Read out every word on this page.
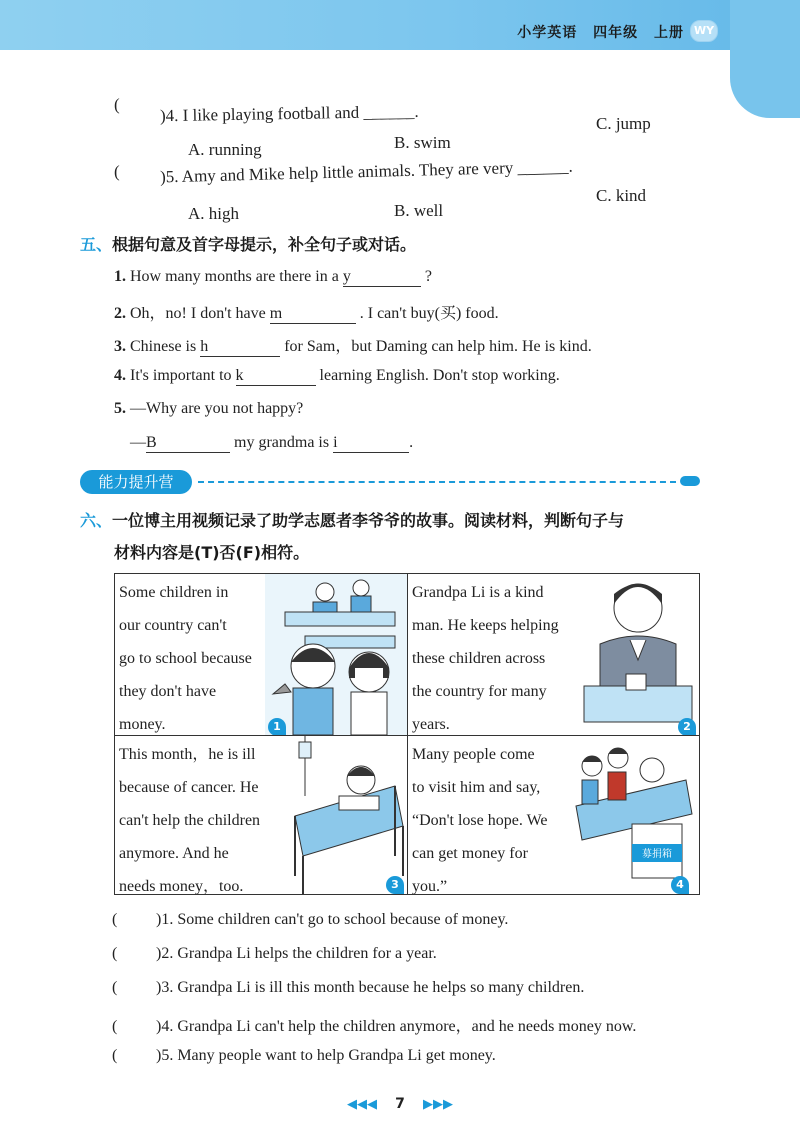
小学英语 四年级 上册 WY
( )4. I like playing football and ______.
A. running	B. swim
C. jump
( )5. Amy and Mike help little animals. They are very ______.
A. high	B. well
C. kind
五、根据句意及首字母提示，补全句子或对话。
1. How many months are there in a y	?
2. Oh，no! I don't have m	. I can't buy(买) food.
3. Chinese is h	for Sam，but Daming can help him. He is kind.
4. It's important to k	learning English. Don't stop working.
5. —Why are you not happy?
—B	my grandma is i	.
能力提升营
六、一位博主用视频记录了助学志愿者李爷爷的故事。阅读材料，判断句子与
材料内容是(T)否(F)相符。
Some children in
our country can't
go to school because
they don't have
money.	1
Grandpa Li is a kind
man. He keeps helping
these children across
the country for many
years.	2
This month，he is ill
because of cancer. He
can't help the children
anymore. And he
needs money，too.	3
Many people come
to visit him and say,
“Don't lose hope. We
can get money for
you.”
募捐箱
4
( )1. Some children can't go to school because of money.
( )2. Grandpa Li helps the children for a year.
( )3. Grandpa Li is ill this month because he helps so many children.
( )4. Grandpa Li can't help the children anymore，and he needs money now.
( )5. Many people want to help Grandpa Li get money.
◀◀◀ 7 ▶▶▶
